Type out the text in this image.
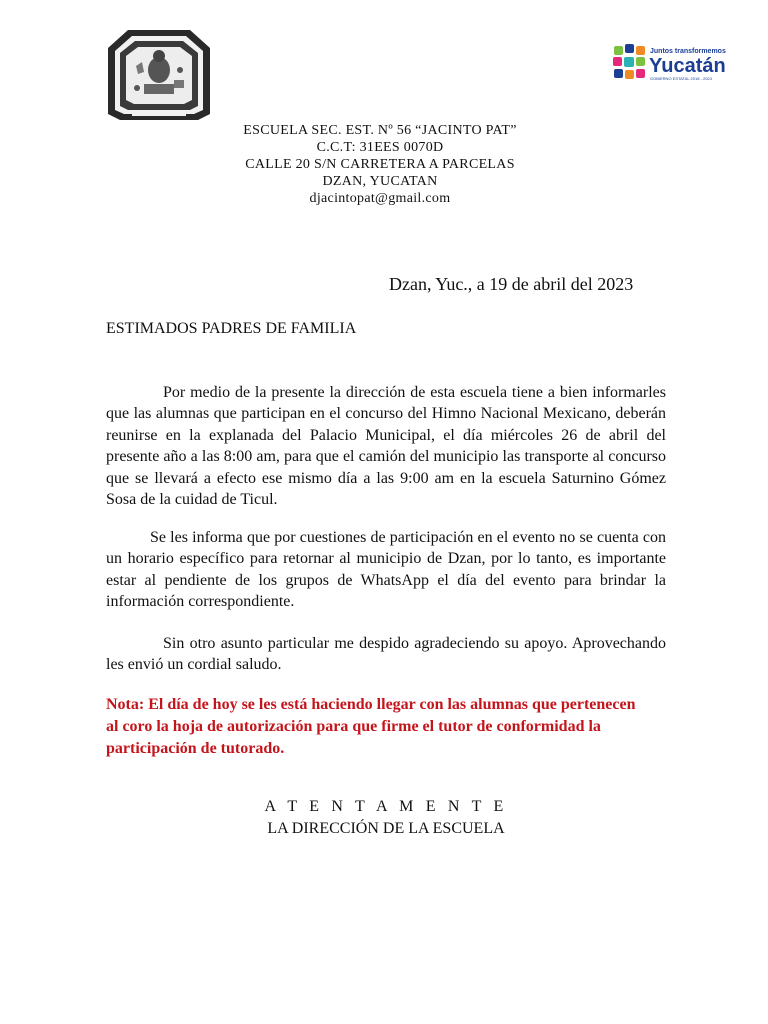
Juntos transformemos
Yucatán
GOBIERNO ESTATAL 2018 - 2024
ESCUELA SEC. EST. Nº 56 “JACINTO PAT”
C.C.T: 31EES 0070D
CALLE 20 S/N CARRETERA A PARCELAS
DZAN, YUCATAN
djacintopat@gmail.com
Dzan, Yuc., a 19 de abril del 2023
ESTIMADOS PADRES DE FAMILIA
Por medio de la presente la dirección de esta escuela tiene a bien informarles que las alumnas que participan en el concurso del Himno Nacional Mexicano, deberán reunirse en la explanada del Palacio Municipal, el día miércoles 26 de abril del presente año a las 8:00 am, para que el camión del municipio las transporte al concurso que se llevará a efecto ese mismo día a las 9:00 am en la escuela Saturnino Gómez Sosa de la cuidad de Ticul.
Se les informa que por cuestiones de participación en el evento no se cuenta con un horario específico para retornar al municipio de Dzan, por lo tanto, es importante estar al pendiente de los grupos de WhatsApp el día del evento para brindar la información correspondiente.
Sin otro asunto particular me despido agradeciendo su apoyo. Aprovechando les envió un cordial saludo.
Nota: El día de hoy se les está haciendo llegar con las alumnas que pertenecen al coro la hoja de autorización para que firme el tutor de conformidad la participación de tutorado.
A T E N T A M E N T E
LA DIRECCIÓN DE LA ESCUELA
